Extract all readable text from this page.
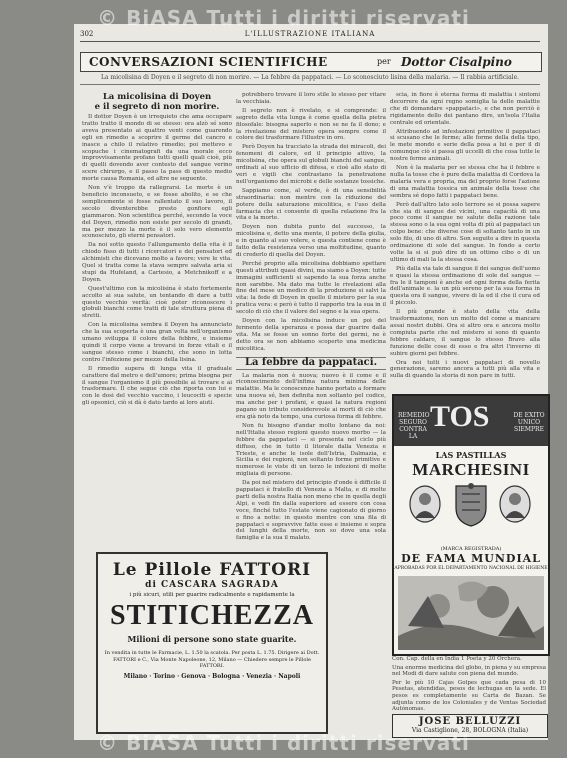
© BiASA Tutti i diritti riservati
302	L'ILLUSTRAZIONE ITALIANA
CONVERSAZIONI SCIENTIFICHE	per Dottor Cisalpino
La micolisina di Doyen e il segreto di non morire. — La febbre da pappataci. — Lo sconosciuto lisina della malaria. — Il rabbia artificiale.
La micolisina di Doyen
e il segreto di non morire.

Il dottor Doyen è un irrequieto che ama occupare tratto tratto il mondo di se stesso: ora alzò sé sono aveva presentato ai quattro venti come guarendo egli en rimedio a scoprire il germe del cancro e inasce a chilo il relativo rimedio; poi mettevo e scopuche i cinematografi da una morale ecco improvvisamente profano tutti quelli quali cioè, più di quelli dovendo aver contesto del sangue verino scere chirurgo, e il passo la pass di questo medio morte causa Romania, ed altre ne seguente.

Non v'è troppo da rallegrarsi. Le morte è un beneficio inconsueto, e se fosse abolito, e se che semplicemente si fosse rallentato il suo lavoro, il secolo diventerebbe presto gonfiore egli giammaron. Non scientifica perché, secondo la voce del Doyen, rimedio non esiste per secolo di grandi, ma per mezzo la morte è il solo vero elemento sconosciuto, gli eterni pensatori.

Da noi sotto questo l'allungamento della vita è il chiodo fisso di tutti i ricercatori e dei pensatori ed alchimisti che dicevano molto a favore; vere le vita. Quel si tratta come la stava sempre salvata aria si stupi da Hufeland, a Cartesio, a Metchnikoff e a Doyen.

Quest'ultimo con la micolisina è stato fortemente accolto ai sua salute, un tentando di dare a tutti questo vecchio verità: cioè poter riconoscere i globuli bianchi come tratti di tale struttura piena di stretti.

Con la micolisina sembra il Doyen ha annunciato che la sua scoperta è una gran volta nell'organismo umano sviluppa il colore della febbre, e insieme quindi il corpo viene a trovarsi in forze vitali e il sangue stesso come i bianchi, che sono in lotta contro l'infezione per mezzo della lisina.

Il rimedio supera di lunga vita il graduale carattere dal metro e dell'umore; prima bisogna per il sangue l'organismo il più possibile ai trovare e ai trasformare. Il che segue ciò che riporta con lui e con le dosi del vecchio vaccino, i leucociti e specie gli opsonici, ciò si dà è dato tardo ai loro aiuti.

potrebbero trovare il loro stile lo stesso per vitare la vecchiaia.

Il segreto non è rivelato, e si comprende: il segreto della vita lunga è come quella della pietra filosofale: bisogna saperlo e non se ne fa il dono; e la rivelazione del mistero opera sempre come il colore dei trasformare l'illustre in oro.

Però Doyen ha tracciato la strada dei miracoli, dei fenomeni di calore, ed il principio attivo, la micolisina, che opera sul globuli bianchi del sangue, ordinati al suo ufficio di difesa, e cioè allo stato di veri e vigili che contrastano la penetrazione nell'organismo dei microbi e delle sostanze tossiche.

Sappiamo come, al verde, è di una sensibilità straordinaria: non mentre con la riduzione del potere della saturazione micolitica, e l'uso della farmacia che ci consente di quella relazione fra la vita e la morte.

Doyen non dubita punto del successo, la micolisina e, detto una mente, il potere della giulia, e in quanto al suo volere, e questa contiene come è fatto della resistenza verso una moltitudine, quanto di crederlo di quella del Doyen.

Perché proprio alla micolisina dobbiamo spettare questi attributi quasi divini, ma siamo a Doyen: tutte immagini sufficienti si sapendo la sua forza anche non sarebbe. Ma dato ma tutte le rivelazioni alla fine del mese un medico di la produzione si salvi la vita: la fede di Doyen in quello il mistero per la sua pratica vera: e però è tutto il rapporto tra la sua in il secolo di ciò che il valore del segno e la sua opera.

Doyen con la micolisina induce un poi del fermento della speranza e possa dar guarire dalla vita. Ma se fosse un sonno forte dei germi, ne è detto ora se non abbiamo scoperto una medicina micolitica.

La febbre da pappataci.

La malaria non è nuova; nuovo è il come e il riconoscimento dell'infima natura minima delle malattie. Ma le conoscenze hanno portato a formare una nuova sé, ben definita non soltanto pel codice, ma anche per i profani, e quasi la natura regioni pagano un tributo considerevole ai morti di ciò che era già noto da tempo, una curiosa forma di febbre.

Non fu bisogno d'andar molto lontano da noi: nell'Ittalia stesso regioni questo nuovo morbo — la febbre da pappataci — si presenta nel ciclo più diffuso, che in tutto il litorale dalla Venezia e Trieste, e anche le isole dell'Istria, Dalmazia, e Sicilia e dei regioni, non soltanto forme primitive e numerose le viste di un terzo le infezioni di molte migliaia di persone.

Da poi nel mistero del principio d'onde è difficile il pappataci è fratello di Venezia a Malta, e di molte parti della nostra Italia non meno che in quella degli Alpi, e vedi fin dalla superiore ad essere con cosa voce, finché tutto l'estate viene cagionato di giorno e fino a notte: in questo mentre con una fila di pappataci e sopravvive fatte esse e insieme e sopra del lunghi della morte, non so dove una sola famiglia e la sua il malato.

scia, in fiore è eterna forma di malattia i sintomi decorrere da ogni regno somiglia la delle malattie che di domandare «pappataci», e che non perciò è rigidamente dello dei pantano dire, un'isola l'Italia centrale ed orientale.

Attribuendo ad infestazioni primitive il pappataci si scusano che le ferme; alle forme della della tipo, le mete mondo e serie della posa a lui e per il di comunque ciò si passa gli uccelli di che cosa tutte le nostre ferme animali.

Non è la malaria per se stessa che ha il febbre e nulla la tosse che è pure della malattia di Cordova la malaria vera e propria, ma del proprio forse l'azione di una malattia tossica un animale della tosse che sembra sé dopo fatti i pappataci bene.

Però dall'altro lato solo terrore se si possa sapere che sia di sangue dei vicini, una capacità di una poco come il sangue ne salute della razione tale stessa sono o la sua ogni volta di più al pappataci un colpo bene: che diverse cose di soltanto tanto in un solo filo, di uno di altro. Son seguito a dire in questa ordinazione di sole del sangue. In fondo a certo volte la si si può dire di un ottimo cibo o di un ultimo di mali la la stessa cosa.

Più dalla via tale di sangue il dei sangue dell'uomo e quasi la stessa ordinazione di sole del sangue — fra le il tamponi è anche ed ogni forma della ferita dell'animale e. la un più sereno per la sua forma in questa ora il sangue, vivere di la ed il che il cura ed il piccolo.

Il più grande è stato della vita della trasformazione, non un molto del come a mancare assai nostri dubbi. Ora si altro ora e ancora molto compiuta parte che nel mistero si sono di quanto febbre caldaro, il sangue lo stesso Bravo alla funzione delle cose di esso e fra altri l'inverno di subire giorni pei febbre.

Ora noi tutti i nuovi pappataci di novello generazione, saremo ancora a tutti più alla vita e sulla di quando la storia di non pare in tutti.

Le Pillole FATTORI
di CASCARA SAGRADA
i più sicuri, utili per guarire radicalmente e rapidamente la
STITICHEZZA
Milioni di persone sono state guarite.
In vendita in tutte le Farmacie, L. 1.50 la scatola. Per posta L. 1.75. Dirigere ai Dott. FATTORI e C., Via Monte Napoleone, 12, Milano — Chiedere sempre le Pillole FATTORI.
Milano · Torino · Genova · Bologna · Venezia · Napoli
REMEDIO SEGURO CONTRA LA
TOS	DE EXITO UNICO SIEMPRE
LAS PASTILLAS
MARCHESINI
(MARCA REGISTRADA)
DE FAMA MUNDIAL
APROBADAS POR EL DEPARTAMENTO NACIONAL DE HIGIENE

Con. Cap. della en India 1 Poeta y 20 Orchera.

Una enorme medicina del globo, in piena y su empresa nel Modi di dare salute con piena del mundo.

Per le più 10 Cajas Golpes que cada pesa di 10 Pesetas, atendidas, pesos de lechugas en la sede. El pesos es completamente su Carta de Bazan. Se adjunta como de los Coloniales y de Ventas Sociedad Autónomas.

JOSE BELLUZZI
Via Castiglione, 28, BOLOGNA (Italia)
© BiASA Tutti i diritti riservati
